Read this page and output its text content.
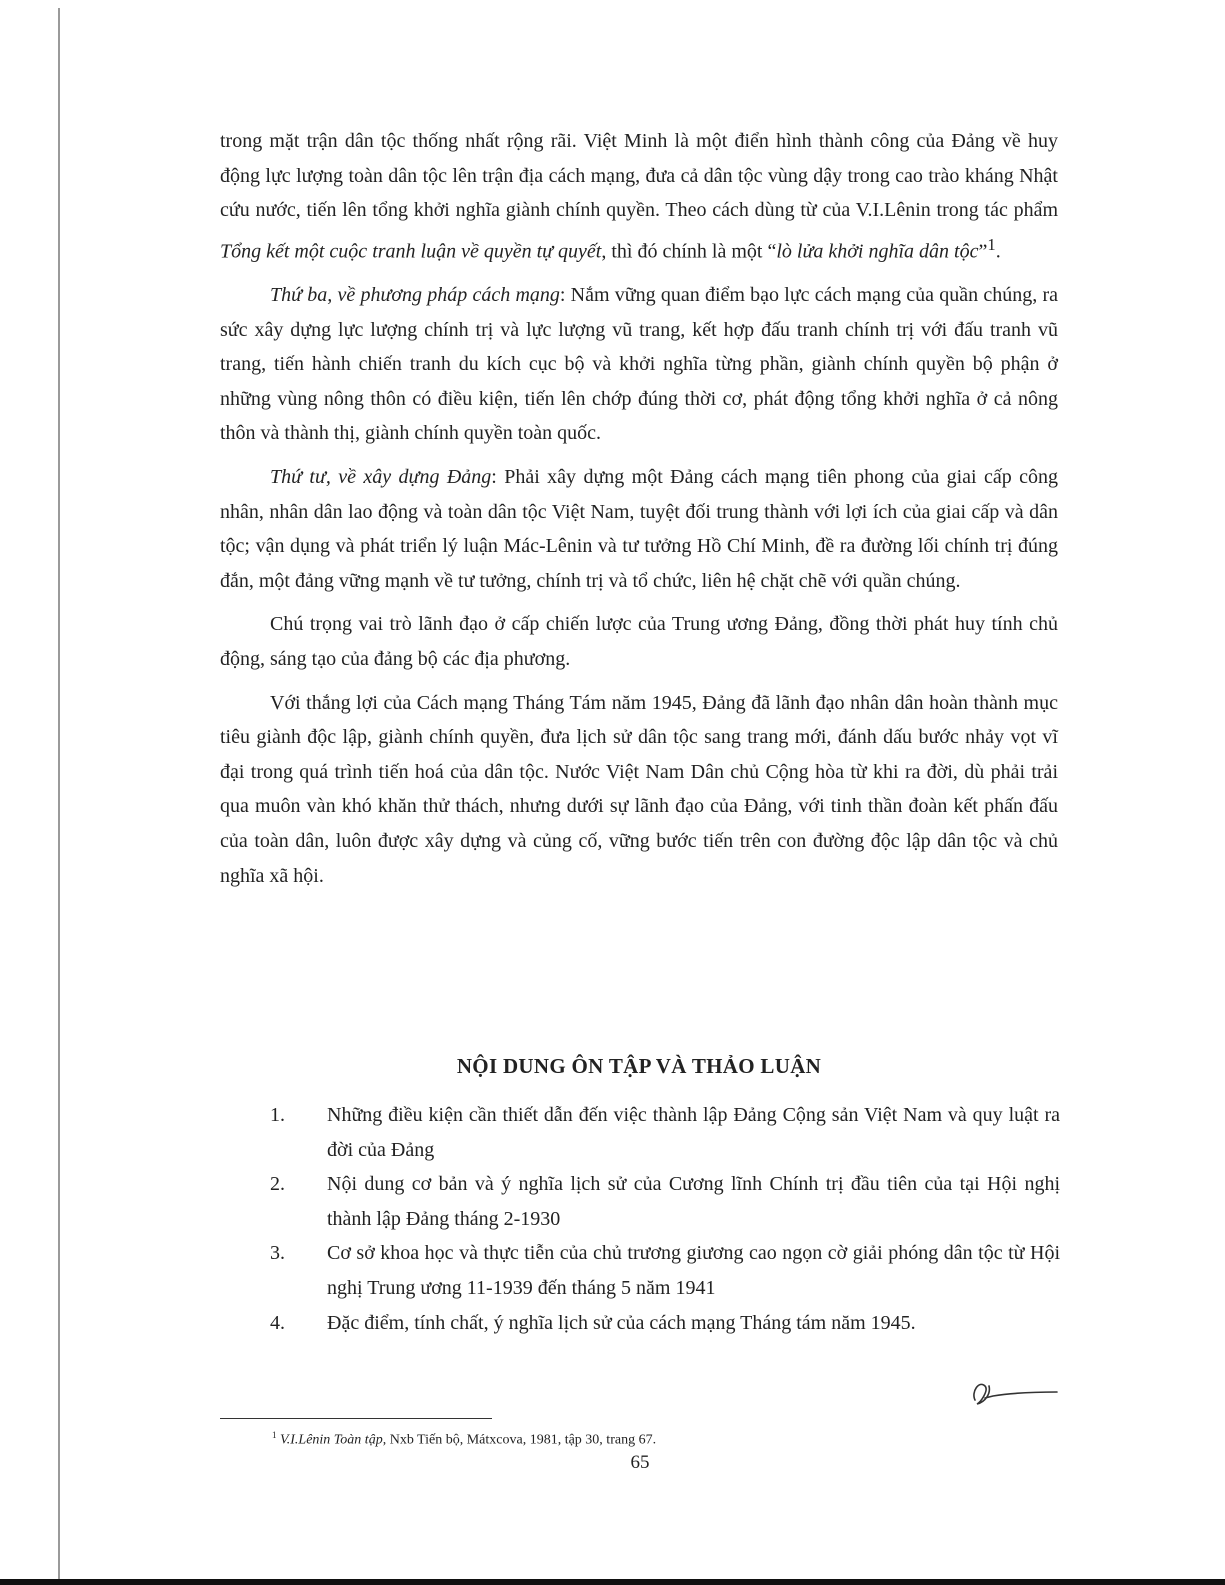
trong mặt trận dân tộc thống nhất rộng rãi. Việt Minh là một điển hình thành công của Đảng về huy động lực lượng toàn dân tộc lên trận địa cách mạng, đưa cả dân tộc vùng dậy trong cao trào kháng Nhật cứu nước, tiến lên tổng khởi nghĩa giành chính quyền. Theo cách dùng từ của V.I.Lênin trong tác phẩm Tổng kết một cuộc tranh luận về quyền tự quyết, thì đó chính là một “lò lửa khởi nghĩa dân tộc”$^1$.

Thứ ba, về phương pháp cách mạng: Nắm vững quan điểm bạo lực cách mạng của quần chúng, ra sức xây dựng lực lượng chính trị và lực lượng vũ trang, kết hợp đấu tranh chính trị với đấu tranh vũ trang, tiến hành chiến tranh du kích cục bộ và khởi nghĩa từng phần, giành chính quyền bộ phận ở những vùng nông thôn có điều kiện, tiến lên chớp đúng thời cơ, phát động tổng khởi nghĩa ở cả nông thôn và thành thị, giành chính quyền toàn quốc.

Thứ tư, về xây dựng Đảng: Phải xây dựng một Đảng cách mạng tiên phong của giai cấp công nhân, nhân dân lao động và toàn dân tộc Việt Nam, tuyệt đối trung thành với lợi ích của giai cấp và dân tộc; vận dụng và phát triển lý luận Mác-Lênin và tư tưởng Hồ Chí Minh, đề ra đường lối chính trị đúng đắn, một đảng vững mạnh về tư tưởng, chính trị và tổ chức, liên hệ chặt chẽ với quần chúng.

Chú trọng vai trò lãnh đạo ở cấp chiến lược của Trung ương Đảng, đồng thời phát huy tính chủ động, sáng tạo của đảng bộ các địa phương.

Với thắng lợi của Cách mạng Tháng Tám năm 1945, Đảng đã lãnh đạo nhân dân hoàn thành mục tiêu giành độc lập, giành chính quyền, đưa lịch sử dân tộc sang trang mới, đánh dấu bước nhảy vọt vĩ đại trong quá trình tiến hoá của dân tộc. Nước Việt Nam Dân chủ Cộng hòa từ khi ra đời, dù phải trải qua muôn vàn khó khăn thử thách, nhưng dưới sự lãnh đạo của Đảng, với tinh thần đoàn kết phấn đấu của toàn dân, luôn được xây dựng và củng cố, vững bước tiến trên con đường độc lập dân tộc và chủ nghĩa xã hội.

NỘI DUNG ÔN TẬP VÀ THẢO LUẬN
1.	Những điều kiện cần thiết dẫn đến việc thành lập Đảng Cộng sản Việt Nam và quy luật ra đời của Đảng
2.	Nội dung cơ bản và ý nghĩa lịch sử của Cương lĩnh Chính trị đầu tiên của tại Hội nghị thành lập Đảng tháng 2-1930
3.	Cơ sở khoa học và thực tiễn của chủ trương giương cao ngọn cờ giải phóng dân tộc từ Hội nghị Trung ương 11-1939 đến tháng 5 năm 1941
4.	Đặc điểm, tính chất, ý nghĩa lịch sử của cách mạng Tháng tám năm 1945.
$^1$ V.I.Lênin Toàn tập, Nxb Tiến bộ, Mátxcova, 1981, tập 30, trang 67.
65
